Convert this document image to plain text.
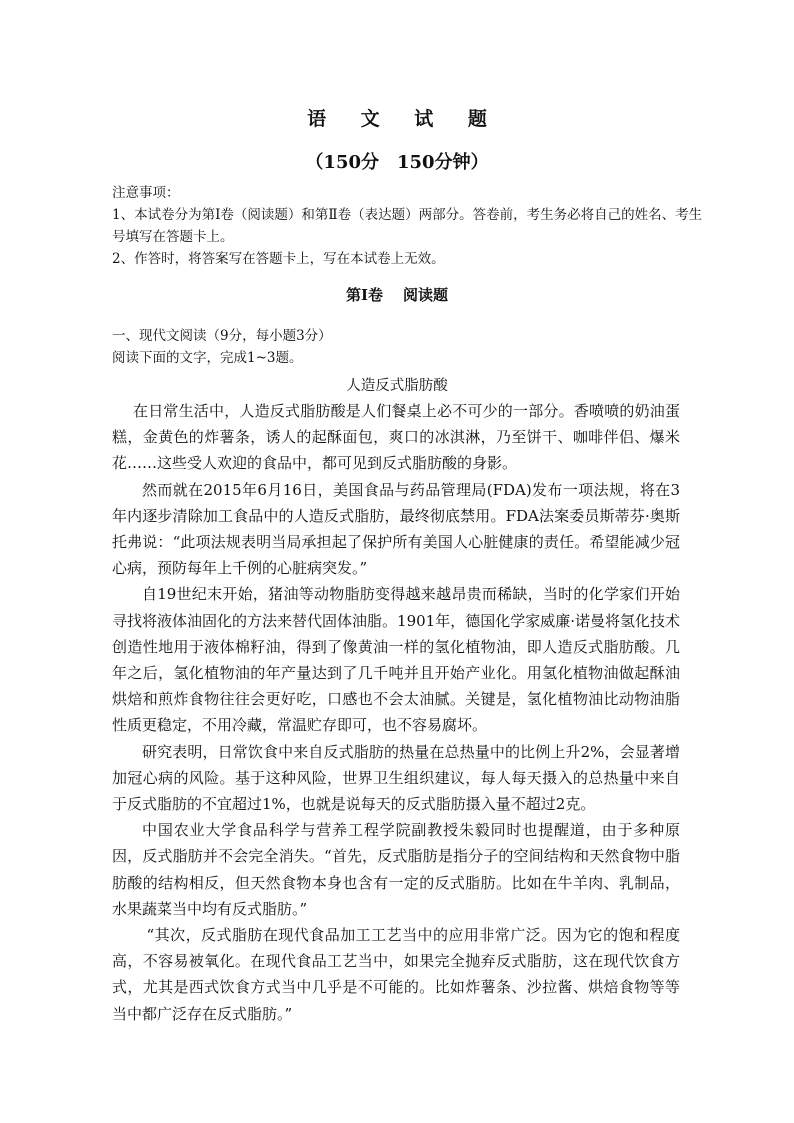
语 文 试 题
（150分　150分钟）
注意事项：
1、本试卷分为第Ⅰ卷（阅读题）和第Ⅱ卷（表达题）两部分。答卷前，考生务必将自己的姓名、考生号填写在答题卡上。
2、作答时，将答案写在答题卡上，写在本试卷上无效。
第Ⅰ卷 阅读题
一、现代文阅读（9分，每小题3分）
阅读下面的文字，完成1~3题。
人造反式脂肪酸

在日常生活中，人造反式脂肪酸是人们餐桌上必不可少的一部分。香喷喷的奶油蛋糕，金黄色的炸薯条，诱人的起酥面包，爽口的冰淇淋，乃至饼干、咖啡伴侣、爆米花……这些受人欢迎的食品中，都可见到反式脂肪酸的身影。

然而就在2015年6月16日，美国食品与药品管理局(FDA)发布一项法规，将在3年内逐步清除加工食品中的人造反式脂肪，最终彻底禁用。FDA法案委员斯蒂芬·奥斯托弗说：“此项法规表明当局承担起了保护所有美国人心脏健康的责任。希望能减少冠心病，预防每年上千例的心脏病突发。”

自19世纪末开始，猪油等动物脂肪变得越来越昂贵而稀缺，当时的化学家们开始寻找将液体油固化的方法来替代固体油脂。1901年，德国化学家威廉·诺曼将氢化技术创造性地用于液体棉籽油，得到了像黄油一样的氢化植物油，即人造反式脂肪酸。几年之后，氢化植物油的年产量达到了几千吨并且开始产业化。用氢化植物油做起酥油烘焙和煎炸食物往往会更好吃，口感也不会太油腻。关键是，氢化植物油比动物油脂性质更稳定，不用冷藏，常温贮存即可，也不容易腐坏。

研究表明，日常饮食中来自反式脂肪的热量在总热量中的比例上升2%，会显著增加冠心病的风险。基于这种风险，世界卫生组织建议，每人每天摄入的总热量中来自于反式脂肪的不宜超过1%，也就是说每天的反式脂肪摄入量不超过2克。

中国农业大学食品科学与营养工程学院副教授朱毅同时也提醒道，由于多种原因，反式脂肪并不会完全消失。“首先，反式脂肪是指分子的空间结构和天然食物中脂肪酸的结构相反，但天然食物本身也含有一定的反式脂肪。比如在牛羊肉、乳制品，水果蔬菜当中均有反式脂肪。”

“其次，反式脂肪在现代食品加工工艺当中的应用非常广泛。因为它的饱和程度高，不容易被氧化。在现代食品工艺当中，如果完全抛弃反式脂肪，这在现代饮食方式，尤其是西式饮食方式当中几乎是不可能的。比如炸薯条、沙拉酱、烘焙食物等等当中都广泛存在反式脂肪。”
